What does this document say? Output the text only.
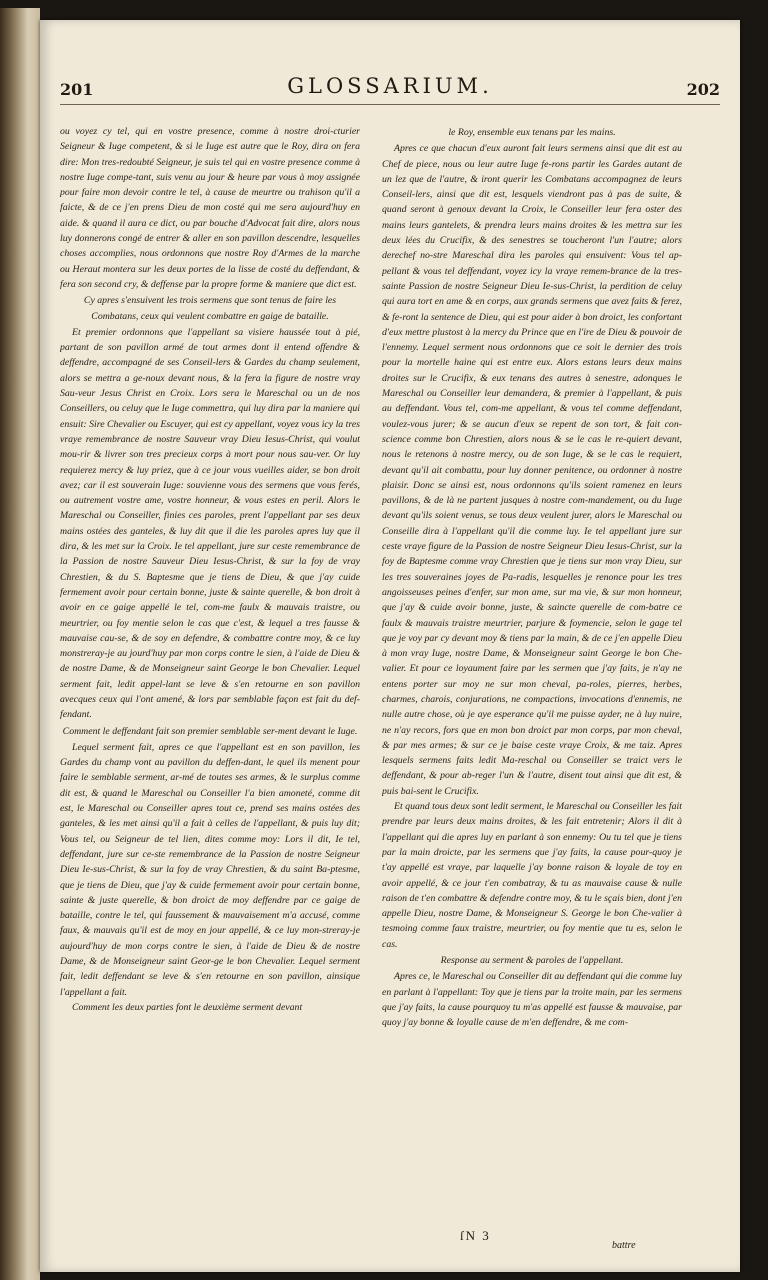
201	GLOSSARIUM.	202

ou voyez cy tel, qui en vostre presence, comme à nostre droi-cturier Seigneur & Iuge competent, & si le Iuge est autre que le Roy, dira on fera dire: Mon tres-redoubté Seigneur, je suis tel qui en vostre presence comme à nostre Iuge compe-tant, suis venu au jour & heure par vous à moy assignée pour faire mon devoir contre le tel, à cause de meurtre ou trahison qu'il a faicte, & de ce j'en prens Dieu de mon costé qui me sera aujourd'huy en aide. & quand il aura ce dict, ou par bouche d'Advocat fait dire, alors nous luy donnerons congé de entrer & aller en son pavillon descendre, lesquelles choses accomplies, nous ordonnons que nostre Roy d'Armes de la marche ou Heraut montera sur les deux portes de la lisse de costé du deffendant, & fera son second cry, & deffense par la propre forme & maniere que dict est.

Cy apres s'ensuivent les trois sermens que sont tenus de faire les Combatans, ceux qui veulent combattre en gaige de bataille.

Et premier ordonnons que l'appellant sa visiere haussée tout à pié, partant de son pavillon armé de tout armes dont il entend offendre & deffendre, accompagné de ses Conseil-lers & Gardes du champ seulement, alors se mettra a ge-noux devant nous, & la fera la figure de nostre vray Sau-veur Jesus Christ en Croix. Lors sera le Mareschal ou un de nos Conseillers, ou celuy que le Iuge commettra, qui luy dira par la maniere qui ensuit: Sire Chevalier ou Escuyer, qui est cy appellant, voyez vous icy la tres vraye remembrance de nostre Sauveur vray Dieu Iesus-Christ, qui voulut mou-rir & livrer son tres precieux corps à mort pour nous sau-ver. Or luy requierez mercy & luy priez, que à ce jour vous vueilles aider, se bon droit avez; car il est souverain Iuge: souvienne vous des sermens que vous ferés, ou autrement vostre ame, vostre honneur, & vous estes en peril. Alors le Mareschal ou Conseiller, finies ces paroles, prent l'appellant par ses deux mains ostées des ganteles, & luy dit que il die les paroles apres luy que il dira, & les met sur la Croix. Ie tel appellant, jure sur ceste remembrance de la Passion de nostre Sauveur Dieu Iesus-Christ, & sur la foy de vray Chrestien, & du S. Baptesme que je tiens de Dieu, & que j'ay cuide fermement avoir pour certain bonne, juste & sainte querelle, & bon droit à avoir en ce gaige appellé le tel, com-me faulx & mauvais traistre, ou meurtrier, ou foy mentie selon le cas que c'est, & lequel a tres fausse & mauvaise cau-se, & de soy en defendre, & combattre contre moy, & ce luy monstreray-je au jourd'huy par mon corps contre le sien, à l'aide de Dieu & de nostre Dame, & de Monseigneur saint George le bon Chevalier. Lequel serment fait, ledit appel-lant se leve & s'en retourne en son pavillon avecques ceux qui l'ont amené, & lors par semblable façon est fait du def-fendant.

Comment le deffendant fait son premier semblable ser-ment devant le Iuge.

Lequel serment fait, apres ce que l'appellant est en son pavillon, les Gardes du champ vont au pavillon du deffen-dant, le quel ils menent pour faire le semblable serment, ar-mé de toutes ses armes, & le surplus comme dit est, & quand le Mareschal ou Conseiller l'a bien amoneté, comme dit est, le Mareschal ou Conseiller apres tout ce, prend ses mains ostées des ganteles, & les met ainsi qu'il a fait à celles de l'appellant, & puis luy dit; Vous tel, ou Seigneur de tel lien, dites comme moy: Lors il dit, Ie tel, deffendant, jure sur ce-ste remembrance de la Passion de nostre Seigneur Dieu Ie-sus-Christ, & sur la foy de vray Chrestien, & du saint Ba-ptesme, que je tiens de Dieu, que j'ay & cuide fermement avoir pour certain bonne, sainte & juste querelle, & bon droict de moy deffendre par ce gaige de bataille, contre le tel, qui faussement & mauvaisement m'a accusé, comme faux, & mauvais qu'il est de moy en jour appellé, & ce luy mon-streray-je aujourd'huy de mon corps contre le sien, à l'aide de Dieu & de nostre Dame, & de Monseigneur saint Geor-ge le bon Chevalier. Lequel serment fait, ledit deffendant se leve & s'en retourne en son pavillon, ainsique l'appellant a fait.

Comment les deux parties font le deuxième serment devant

le Roy, ensemble eux tenans par les mains.

Apres ce que chacun d'eux auront fait leurs sermens ainsi que dit est au Chef de piece, nous ou leur autre Iuge fe-rons partir les Gardes autant de un lez que de l'autre, & iront querir les Combatans accompagnez de leurs Conseil-lers, ainsi que dit est, lesquels viendront pas à pas de suite, & quand seront à genoux devant la Croix, le Conseiller leur fera oster des mains leurs gantelets, & prendra leurs mains droites & les mettra sur les deux lées du Crucifix, & des senestres se toucheront l'un l'autre; alors derechef no-stre Mareschal dira les paroles qui ensuivent: Vous tel ap-pellant & vous tel deffendant, voyez icy la vraye remem-brance de la tres-sainte Passion de nostre Seigneur Dieu Ie-sus-Christ, la perdition de celuy qui aura tort en ame & en corps, aux grands sermens que avez faits & ferez, & fe-ront la sentence de Dieu, qui est pour aider à bon droict, les confortant d'eux mettre plustost à la mercy du Prince que en l'ire de Dieu & pouvoir de l'ennemy. Lequel serment nous ordonnons que ce soit le dernier des trois pour la mortelle haine qui est entre eux. Alors estans leurs deux mains droites sur le Crucifix, & eux tenans des autres à senestre, adonques le Mareschal ou Conseiller leur demandera, & premier à l'appellant, & puis au deffendant. Vous tel, com-me appellant, & vous tel comme deffendant, voulez-vous jurer; & se aucun d'eux se repent de son tort, & fait con-science comme bon Chrestien, alors nous & se le cas le re-quiert devant, nous le retenons à nostre mercy, ou de son Iuge, & se le cas le requiert, devant qu'il ait combattu, pour luy donner penitence, ou ordonner à nostre plaisir. Donc se ainsi est, nous ordonnons qu'ils soient ramenez en leurs pavillons, & de là ne partent jusques à nostre com-mandement, ou du Iuge devant qu'ils soient venus, se tous deux veulent jurer, alors le Mareschal ou Conseille dira à l'appellant qu'il die comme luy. Ie tel appellant jure sur ceste vraye figure de la Passion de nostre Seigneur Dieu Iesus-Christ, sur la foy de Baptesme comme vray Chrestien que je tiens sur mon vray Dieu, sur les tres souveraines joyes de Pa-radis, lesquelles je renonce pour les tres angoisseuses peines d'enfer, sur mon ame, sur ma vie, & sur mon honneur, que j'ay & cuide avoir bonne, juste, & saincte querelle de com-batre ce faulx & mauvais traistre meurtrier, parjure & foymencie, selon le gage tel que je voy par cy devant moy & tiens par la main, & de ce j'en appelle Dieu à mon vray Iuge, nostre Dame, & Monseigneur saint George le bon Che-valier. Et pour ce loyaument faire par les sermen que j'ay faits, je n'ay ne entens porter sur moy ne sur mon cheval, pa-roles, pierres, herbes, charmes, charois, conjurations, ne compactions, invocations d'ennemis, ne nulle autre chose, où je aye esperance qu'il me puisse ayder, ne à luy nuire, ne n'ay recors, fors que en mon bon droict par mon corps, par mon cheval, & par mes armes; & sur ce je baise ceste vraye Croix, & me taiz. Apres lesquels sermens faits ledit Ma-reschal ou Conseiller se traict vers le deffendant, & pour ab-reger l'un & l'autre, disent tout ainsi que dit est, & puis bai-sent le Crucifix.

Et quand tous deux sont ledit serment, le Mareschal ou Conseiller les fait prendre par leurs deux mains droites, & les fait entretenir; Alors il dit à l'appellant qui die apres luy en parlant à son ennemy: Ou tu tel que je tiens par la main droicte, par les sermens que j'ay faits, la cause pour-quoy je t'ay appellé est vraye, par laquelle j'ay bonne raison & loyale de toy en avoir appellé, & ce jour t'en combatray, & tu as mauvaise cause & nulle raison de t'en combattre & defendre contre moy, & tu le sçais bien, dont j'en appelle Dieu, nostre Dame, & Monseigneur S. George le bon Che-valier à tesmoing comme faux traistre, meurtrier, ou foy mentie que tu es, selon le cas.

Response au serment & paroles de l'appellant.

Apres ce, le Mareschal ou Conseiller dit au deffendant qui die comme luy en parlant à l'appellant: Toy que je tiens par la troite main, par les sermens que j'ay faits, la cause pourquoy tu m'as appellé est fausse & mauvaise, par quoy j'ay bonne & loyalle cause de m'en deffendre, & me com-

ſN 3
battre
